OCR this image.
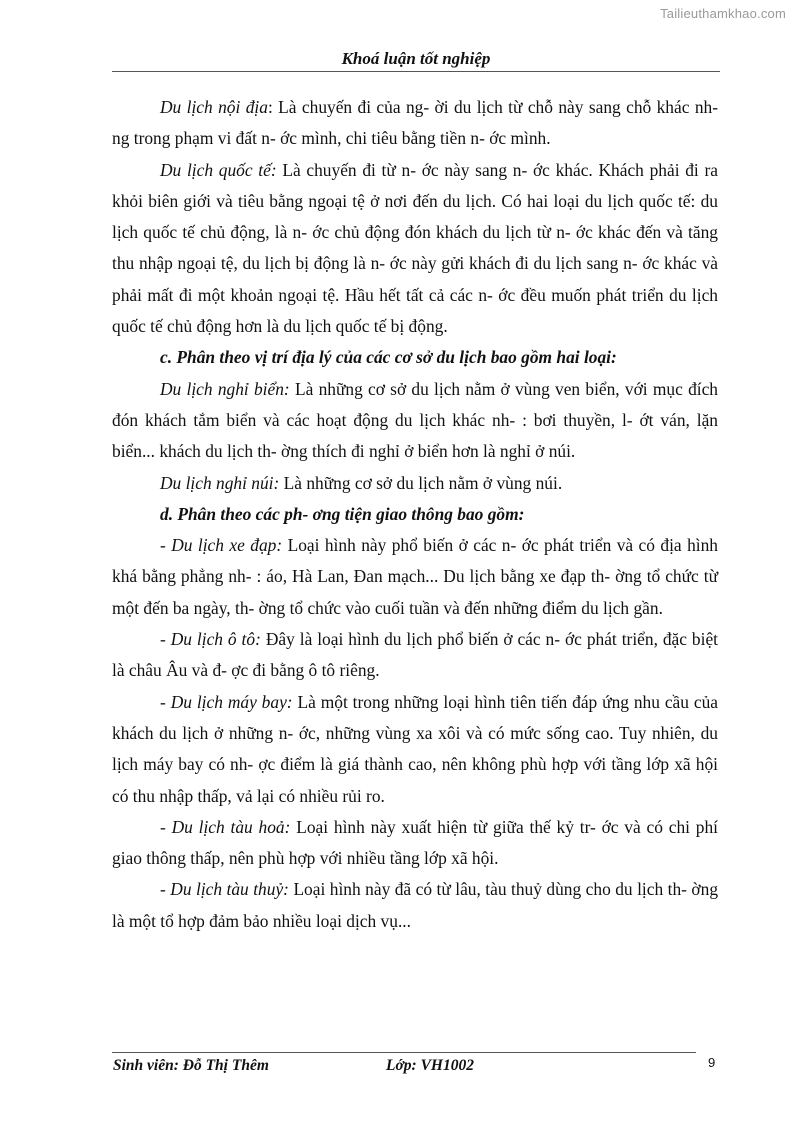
Tailieuthamkhao.com
Khoá luận tốt nghiệp

Du lịch nội địa: Là chuyến đi của ng- ời du lịch từ chỗ này sang chỗ khác nh- ng trong phạm vi đất n- ớc mình, chi tiêu bằng tiền n- ớc mình.

Du lịch quốc tế: Là chuyến đi từ n- ớc này sang n- ớc khác. Khách phải đi ra khỏi biên giới và tiêu bằng ngoại tệ ở nơi đến du lịch. Có hai loại du lịch quốc tế: du lịch quốc tế chủ động, là n- ớc chủ động đón khách du lịch từ n- ớc khác đến và tăng thu nhập ngoại tệ, du lịch bị động là n- ớc này gửi khách đi du lịch sang n- ớc khác và phải mất đi một khoản ngoại tệ. Hầu hết tất cả các n- ớc đều muốn phát triển du lịch quốc tế chủ động hơn là du lịch quốc tế bị động.

c. Phân theo vị trí địa lý của các cơ sở du lịch bao gồm hai loại:

Du lịch nghỉ biển: Là những cơ sở du lịch nằm ở vùng ven biển, với mục đích đón khách tắm biển và các hoạt động du lịch khác nh- : bơi thuyền, l- ớt ván, lặn biển... khách du lịch th- ờng thích đi nghỉ ở biển hơn là nghỉ ở núi.

Du lịch nghỉ núi: Là những cơ sở du lịch nằm ở vùng núi.

d. Phân theo các ph- ơng tiện giao thông bao gồm:

- Du lịch xe đạp: Loại hình này phổ biến ở các n- ớc phát triển và có địa hình khá bằng phẳng nh- : áo, Hà Lan, Đan mạch... Du lịch bằng xe đạp th- ờng tổ chức từ một đến ba ngày, th- ờng tổ chức vào cuối tuần và đến những điểm du lịch gần.

- Du lịch ô tô: Đây là loại hình du lịch phổ biến ở các n- ớc phát triển, đặc biệt là châu Âu và đ- ợc đi bằng ô tô riêng.

- Du lịch máy bay: Là một trong những loại hình tiên tiến đáp ứng nhu cầu của khách du lịch ở những n- ớc, những vùng xa xôi và có mức sống cao. Tuy nhiên, du lịch máy bay có nh- ợc điểm là giá thành cao, nên không phù hợp với tầng lớp xã hội có thu nhập thấp, vả lại có nhiều rủi ro.

- Du lịch tàu hoả: Loại hình này xuất hiện từ giữa thế kỷ tr- ớc và có chi phí giao thông thấp, nên phù hợp với nhiều tầng lớp xã hội.

- Du lịch tàu thuỷ: Loại hình này đã có từ lâu, tàu thuỷ dùng cho du lịch th- ờng là một tổ hợp đảm bảo nhiều loại dịch vụ...

Sinh viên: Đỗ Thị Thêm	Lớp: VH1002	9
